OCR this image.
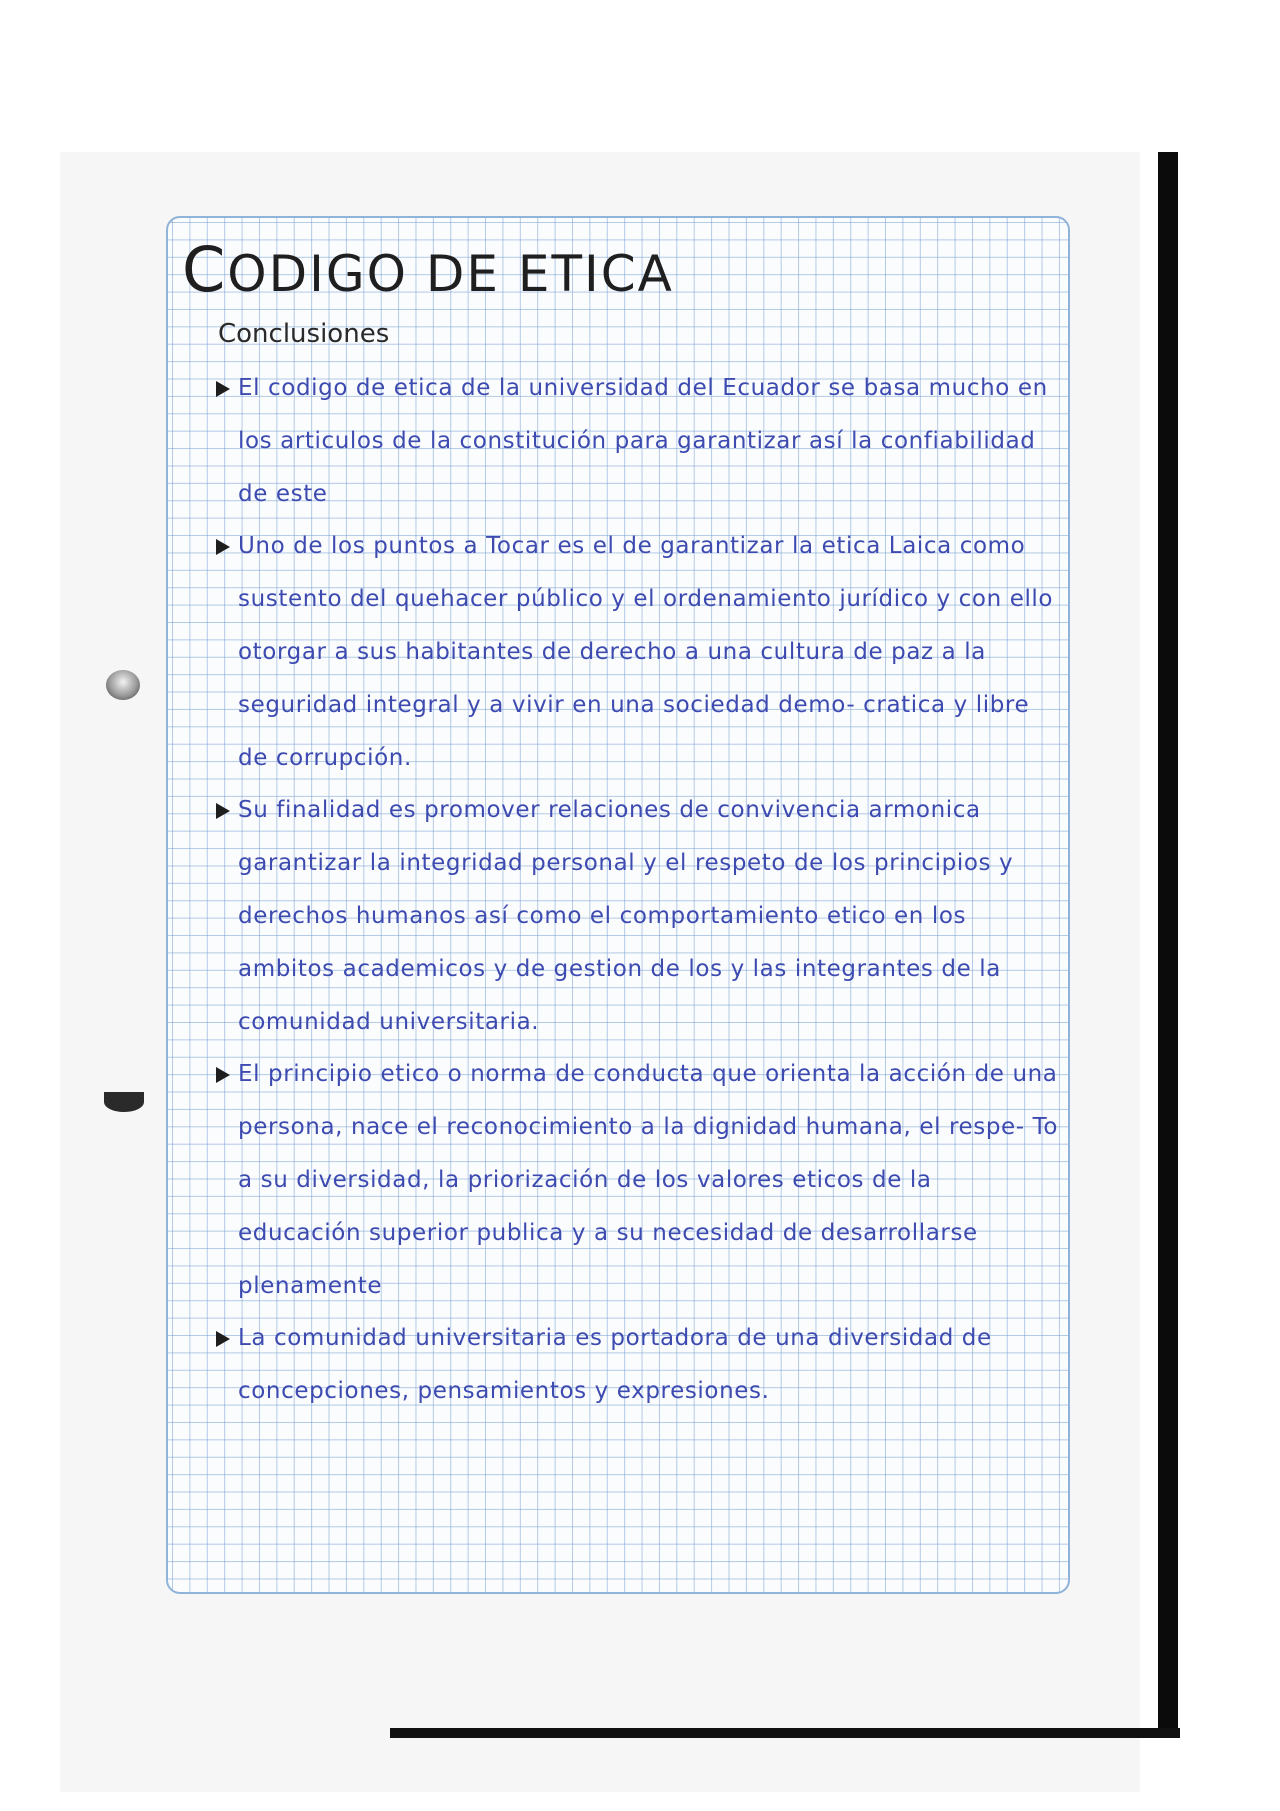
CODIGO DE ETICA
Conclusiones
El codigo de etica de la universidad del Ecuador se basa mucho en los articulos de la constitución para garantizar así la confiabilidad de este
Uno de los puntos a Tocar es el de garantizar la etica Laica como sustento del quehacer público y el ordenamiento jurídico y con ello otorgar a sus habitantes de derecho a una cultura de paz a la seguridad integral y a vivir en una sociedad demo- cratica y libre de corrupción.
Su finalidad es promover relaciones de convivencia armonica garantizar la integridad personal y el respeto de los principios y derechos humanos así como el comportamiento etico en los ambitos academicos y de gestion de los y las integrantes de la comunidad universitaria.
El principio etico o norma de conducta que orienta la acción de una persona, nace el reconocimiento a la dignidad humana, el respe- To a su diversidad, la priorización de los valores eticos de la educación superior publica y a su necesidad de desarrollarse plenamente
La comunidad universitaria es portadora de una diversidad de concepciones, pensamientos y expresiones.
